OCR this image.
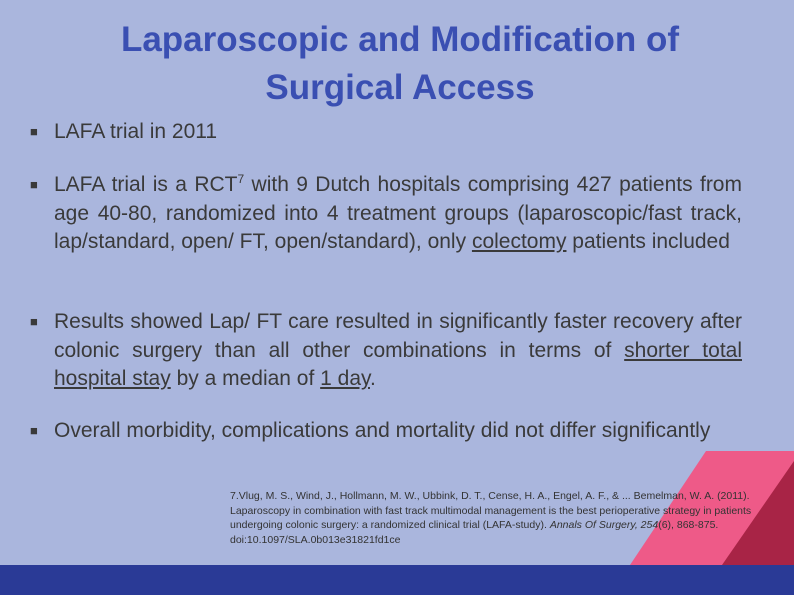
Laparoscopic and Modification of
Surgical Access
■ LAFA trial in 2011
■ LAFA trial is a RCT$^7$ with 9 Dutch hospitals comprising 427 patients from age 40-80, randomized into 4 treatment groups (laparoscopic/fast track, lap/standard, open/ FT, open/standard), only colectomy patients included
■ Results showed Lap/ FT care resulted in significantly faster recovery after colonic surgery than all other combinations in terms of shorter total hospital stay by a median of 1 day.
■ Overall morbidity, complications and mortality did not differ significantly
7.Vlug, M. S., Wind, J., Hollmann, M. W., Ubbink, D. T., Cense, H. A., Engel, A. F., & ... Bemelman, W. A. (2011). Laparoscopy in combination with fast track multimodal management is the best perioperative strategy in patients undergoing colonic surgery: a randomized clinical trial (LAFA-study). Annals Of Surgery, 254(6), 868-875. doi:10.1097/SLA.0b013e31821fd1ce
